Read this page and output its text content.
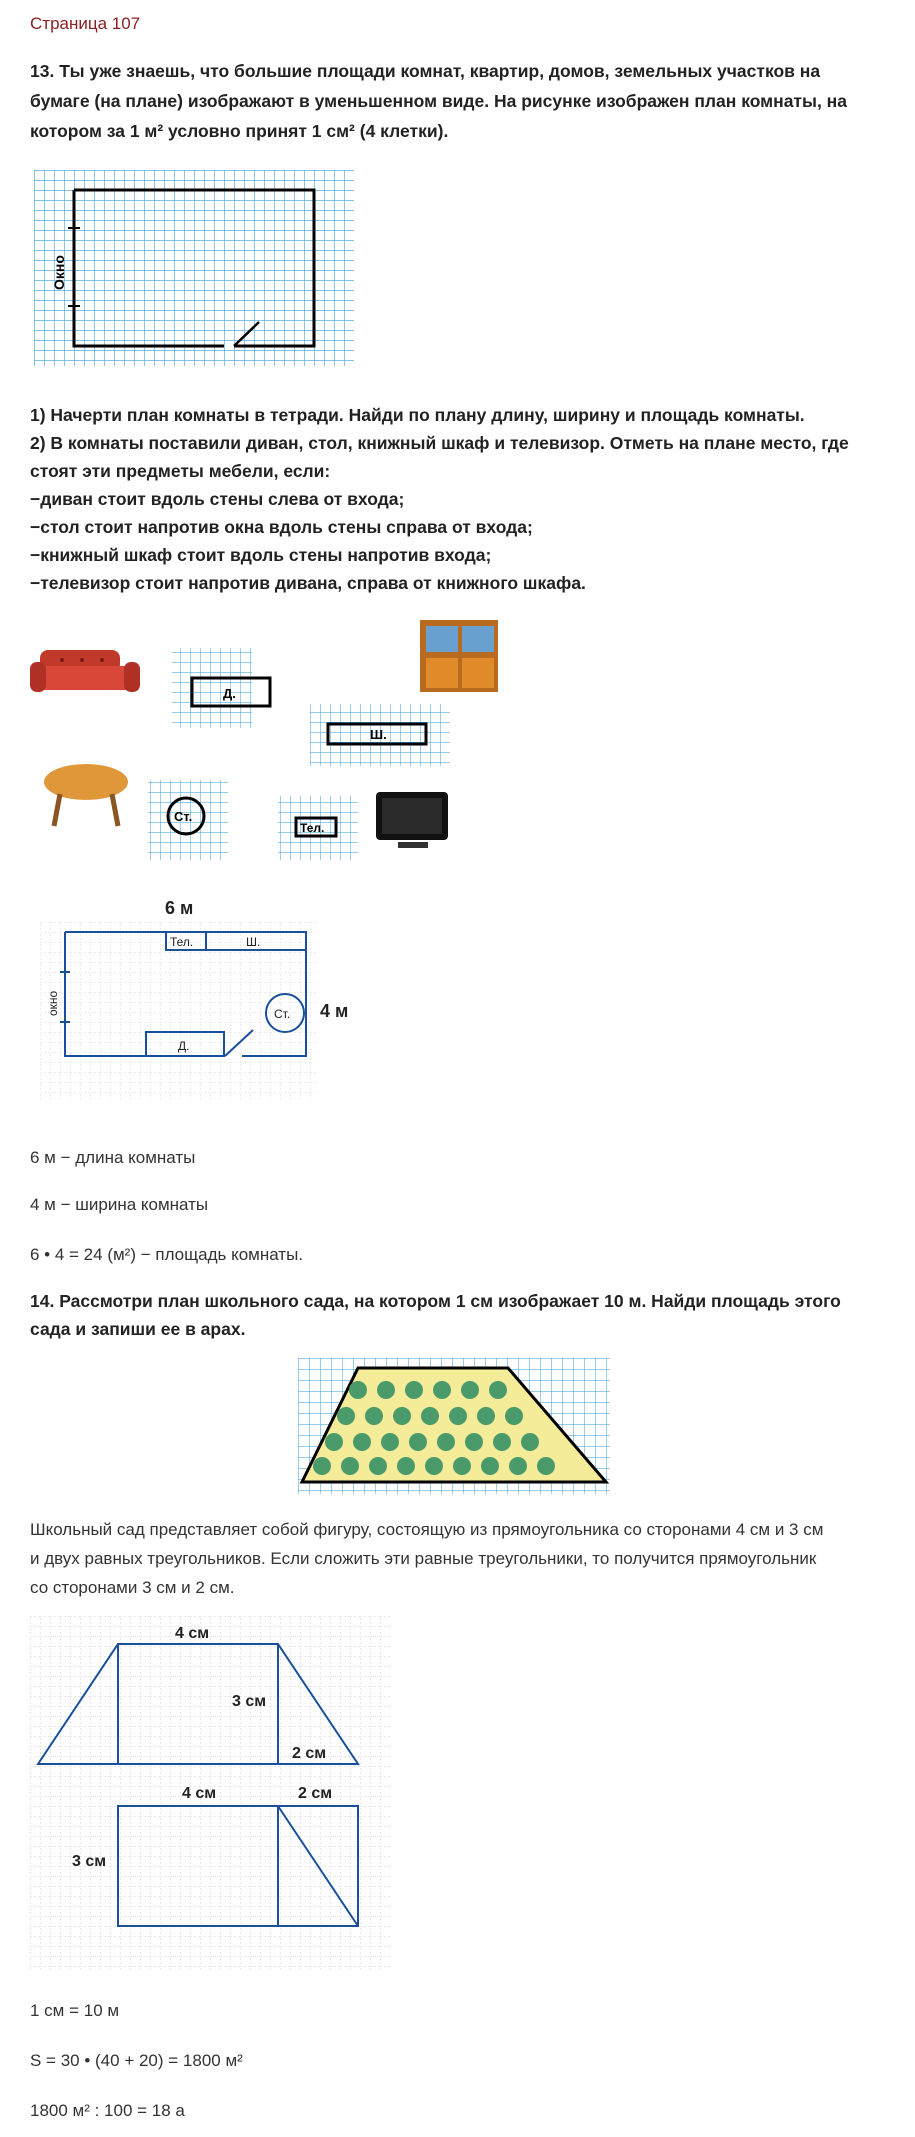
Страница 107
13. Ты уже знаешь, что большие площади комнат, квартир, домов, земельных участков на
бумаге (на плане) изображают в уменьшенном виде. На рисунке изображен план комнаты, на
котором за 1 м² условно принят 1 см² (4 клетки).
Окно
1) Начерти план комнаты в тетради. Найди по плану длину, ширину и площадь комнаты.
2) В комнаты поставили диван, стол, книжный шкаф и телевизор. Отметь на плане место, где
стоят эти предметы мебели, если:
−диван стоит вдоль стены слева от входа;
−стол стоит напротив окна вдоль стены справа от входа;
−книжный шкаф стоит вдоль стены напротив входа;
−телевизор стоит напротив дивана, справа от книжного шкафа.
Д.
Ш.
Ст.
Тел.
6 м
4 м
Тел.	Ш.
Ст.
Д.
окно
6 м − длина комнаты
4 м − ширина комнаты
6 • 4 = 24 (м²) − площадь комнаты.
14. Рассмотри план школьного сада, на котором 1 см изображает 10 м. Найди площадь этого
сада и запиши ее в арах.
Школьный сад представляет собой фигуру, состоящую из прямоугольника со сторонами 4 см и 3 см
и двух равных треугольников. Если сложить эти равные треугольники, то получится прямоугольник
со сторонами 3 см и 2 см.
4 см
3 см
2 см
4 см	2 см
3 см
1 см = 10 м
S = 30 • (40 + 20) = 1800 м²
1800 м² : 100 = 18 а
